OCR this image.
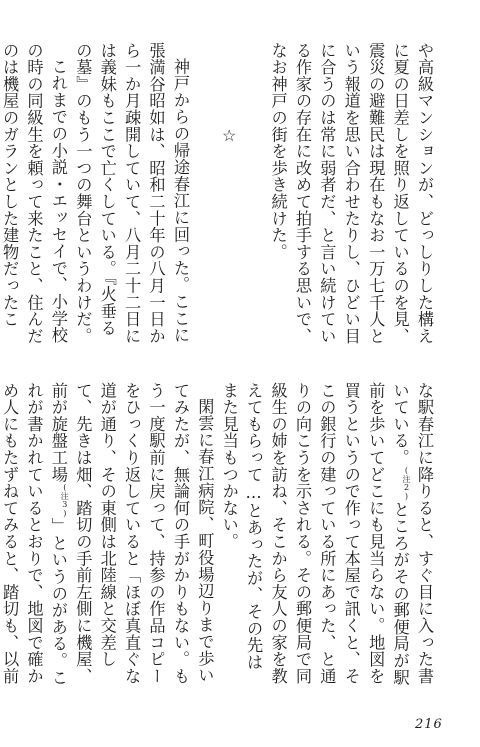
や高級マンションが、どっしりした構えに夏の日差しを照り返しているのを見、震災の避難民は現在もなお一万七千人という報道を思い合わせたりし、ひどい目に合うのは常に弱者だ、と言い続けている作家の存在に改めて拍手する思いで、なお神戸の街を歩き続けた。

☆

神戸からの帰途春江に回った。ここに張満谷昭如は、昭和二十年の八月一日から一か月疎開していて、八月二十二日には義妹もここで亡くしている。『火垂るの墓』のもう一つの舞台というわけだ。
これまでの小説・エッセイで、小学校の時の同級生を頼って来たこと、住んだのは機屋のガランとした建物だったこ
な駅春江に降りると、すぐ目に入った書いている。$^{(注2)}$ところがその郵便局が駅前を歩いてどこにも見当らない。地図を買うというので作って本屋で訊くと、そこの銀行の建っている所にあった、と通りの向こうを示される。その郵便局で同級生の姉を訪ね、そこから友人の家を教えてもらって…とあったが、その先はまた見当もつかない。
閑雲に春江病院、町役場辺りまで歩いてみたが、無論何の手がかりもない。もう一度駅前に戻って、持参の作品コピーをひっくり返していると「ほぼ真直ぐな道が通り、その東側は北陸線と交差して、先きは畑、踏切の手前左側に機屋、前が旋盤工場$^{(注3)}$」というのがある。これが書かれているとおりで、地図で確かめ人にもたずねてみると、踏切も、以前
216
